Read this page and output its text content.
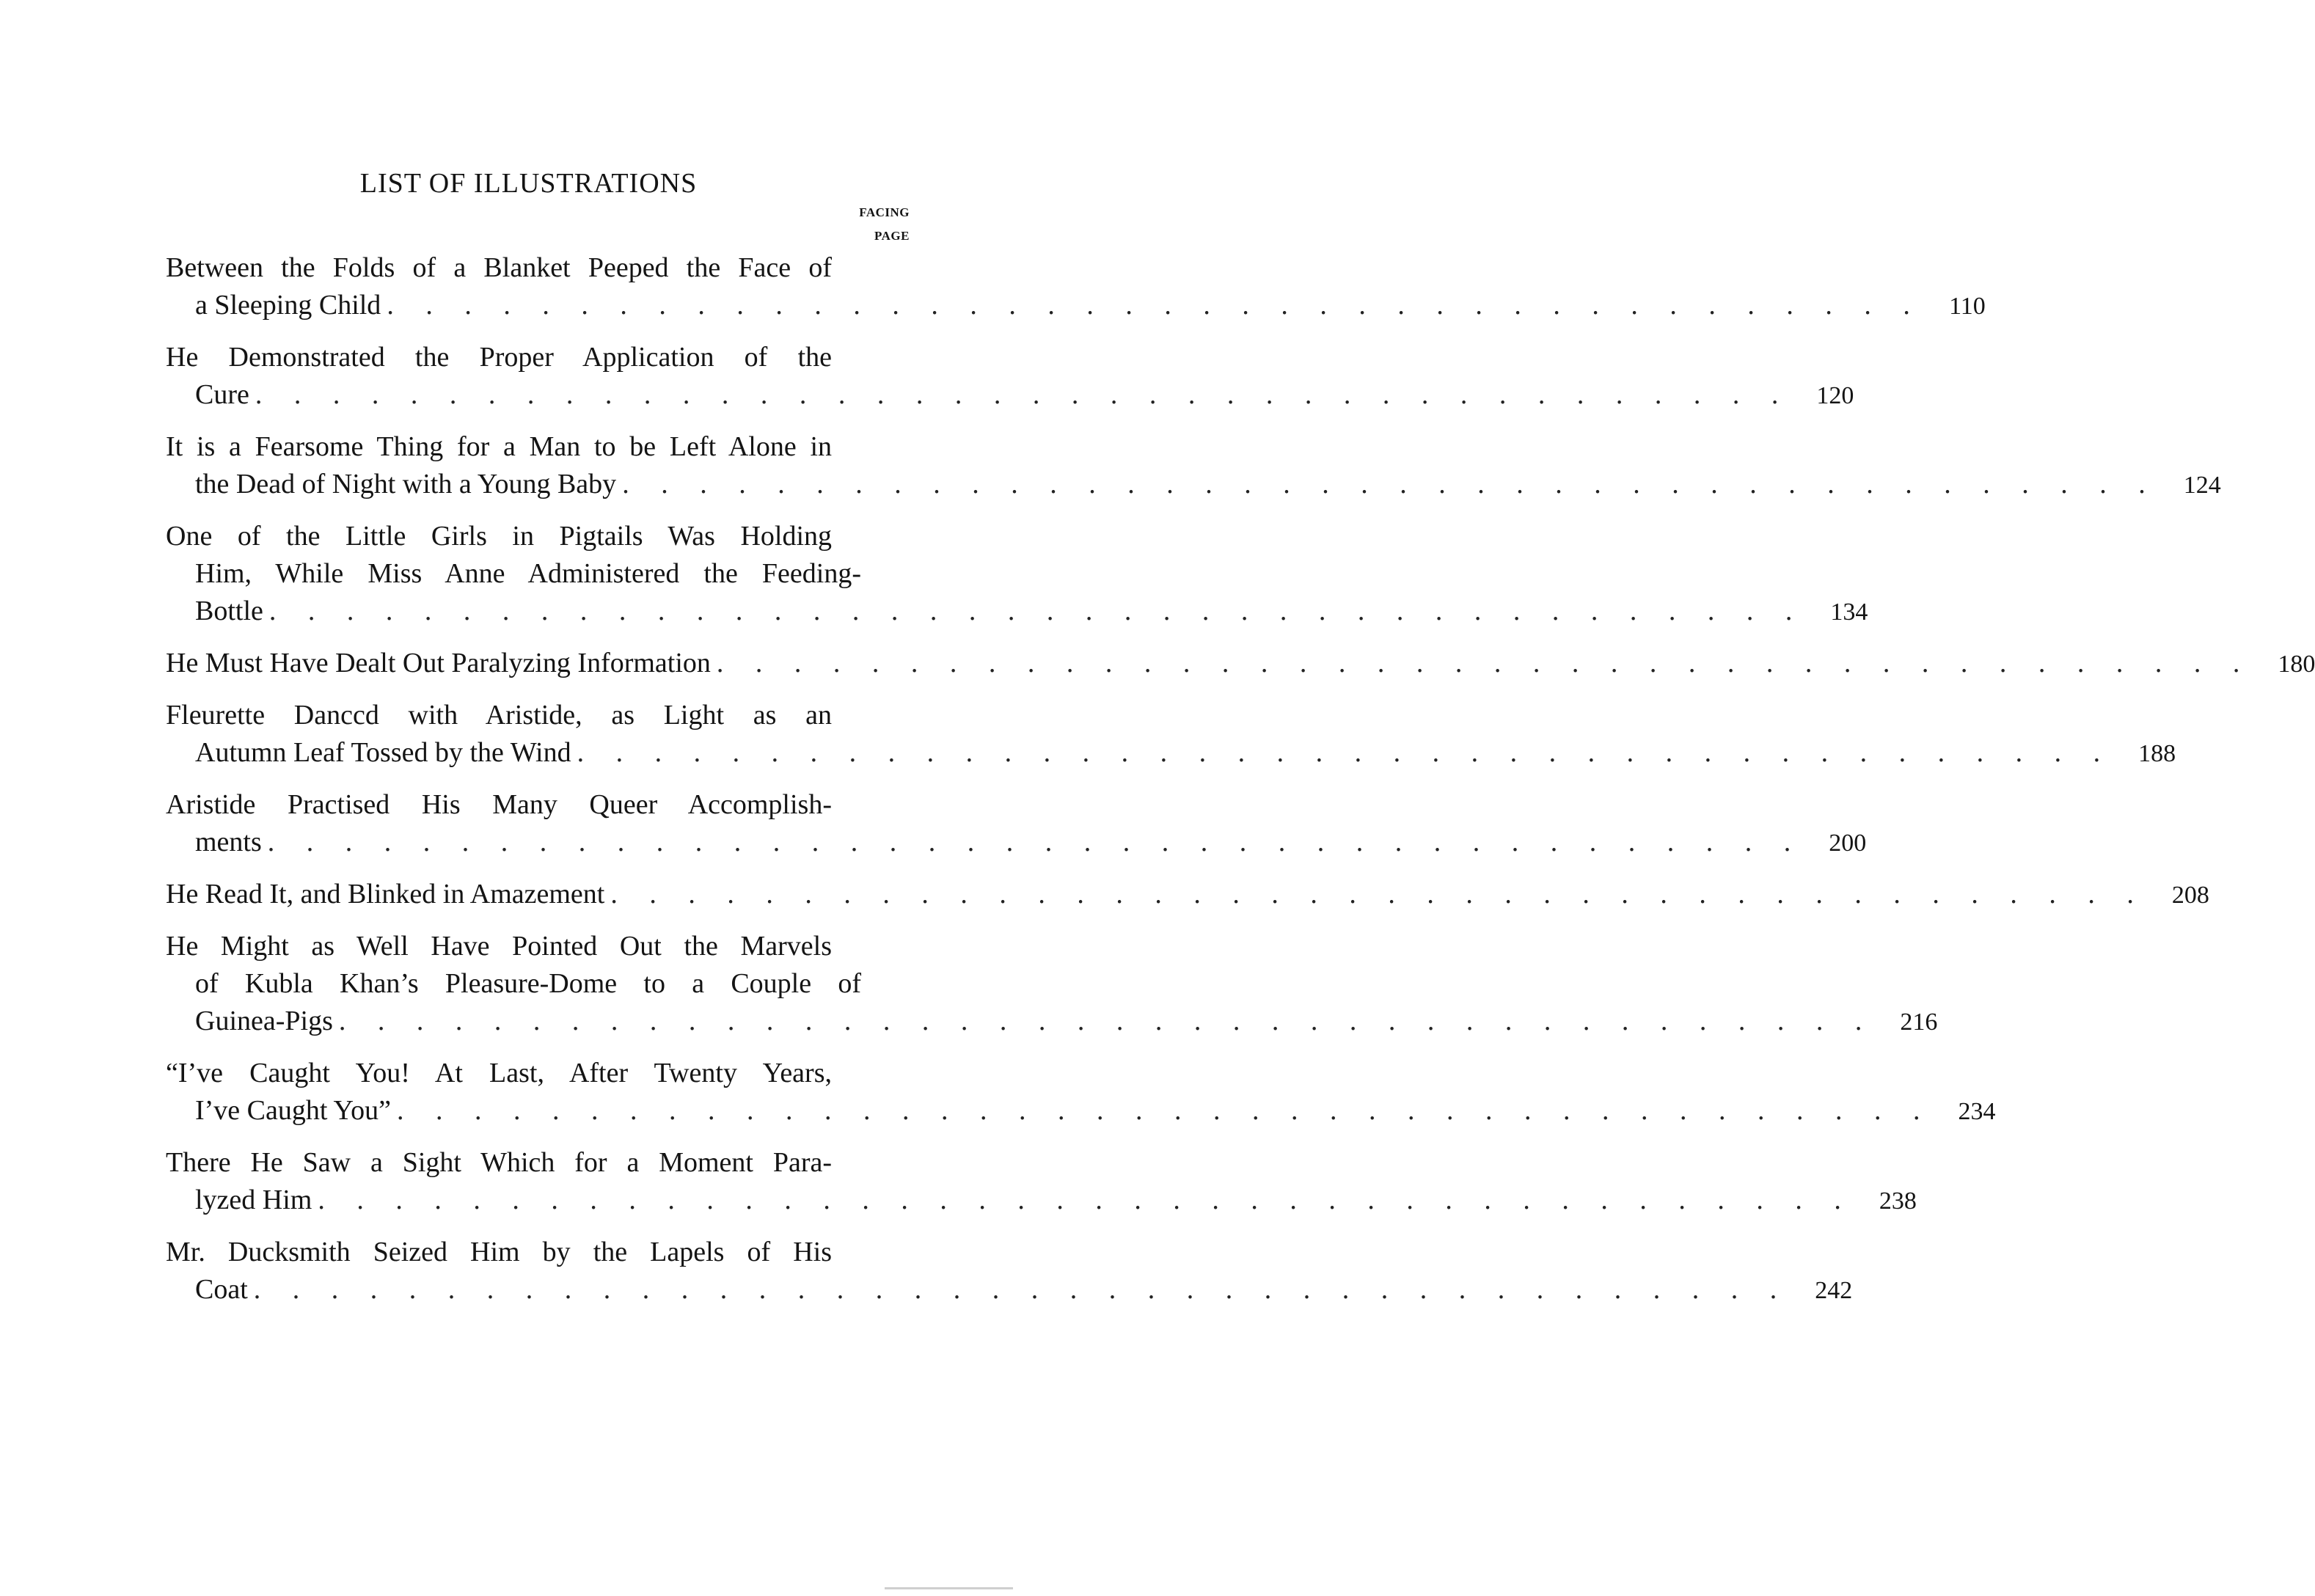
LIST OF ILLUSTRATIONS
FACING
PAGE
Between the Folds of a Blanket Peeped the Face of
a Sleeping Child . . . . . . . . . . . . . . . . . . . . . . . . . . . . . . . . . . . . . . . .	110
He Demonstrated the Proper Application of the
Cure . . . . . . . . . . . . . . . . . . . . . . . . . . . . . . . . . . . . . . . .	120
It is a Fearsome Thing for a Man to be Left Alone in
the Dead of Night with a Young Baby . . . . . . . . . . . . . . . . . . . . . . . . . . . . . . . . . . . . . . . .	124
One of the Little Girls in Pigtails Was Holding
Him, While Miss Anne Administered the Feeding-
Bottle . . . . . . . . . . . . . . . . . . . . . . . . . . . . . . . . . . . . . . . .	134
He Must Have Dealt Out Paralyzing Information . . . . . . . . . . . . . . . . . . . . . . . . . . . . . . . . . . . . . . . .	180
Fleurette Danccd with Aristide, as Light as an
Autumn Leaf Tossed by the Wind . . . . . . . . . . . . . . . . . . . . . . . . . . . . . . . . . . . . . . . .	188
Aristide Practised His Many Queer Accomplish-
ments . . . . . . . . . . . . . . . . . . . . . . . . . . . . . . . . . . . . . . . .	200
He Read It, and Blinked in Amazement . . . . . . . . . . . . . . . . . . . . . . . . . . . . . . . . . . . . . . . .	208
He Might as Well Have Pointed Out the Marvels
of Kubla Khan’s Pleasure-Dome to a Couple of
Guinea-Pigs . . . . . . . . . . . . . . . . . . . . . . . . . . . . . . . . . . . . . . . .	216
“I’ve Caught You! At Last, After Twenty Years,
I’ve Caught You” . . . . . . . . . . . . . . . . . . . . . . . . . . . . . . . . . . . . . . . .	234
There He Saw a Sight Which for a Moment Para-
lyzed Him . . . . . . . . . . . . . . . . . . . . . . . . . . . . . . . . . . . . . . . .	238
Mr. Ducksmith Seized Him by the Lapels of His
Coat . . . . . . . . . . . . . . . . . . . . . . . . . . . . . . . . . . . . . . . .	242
